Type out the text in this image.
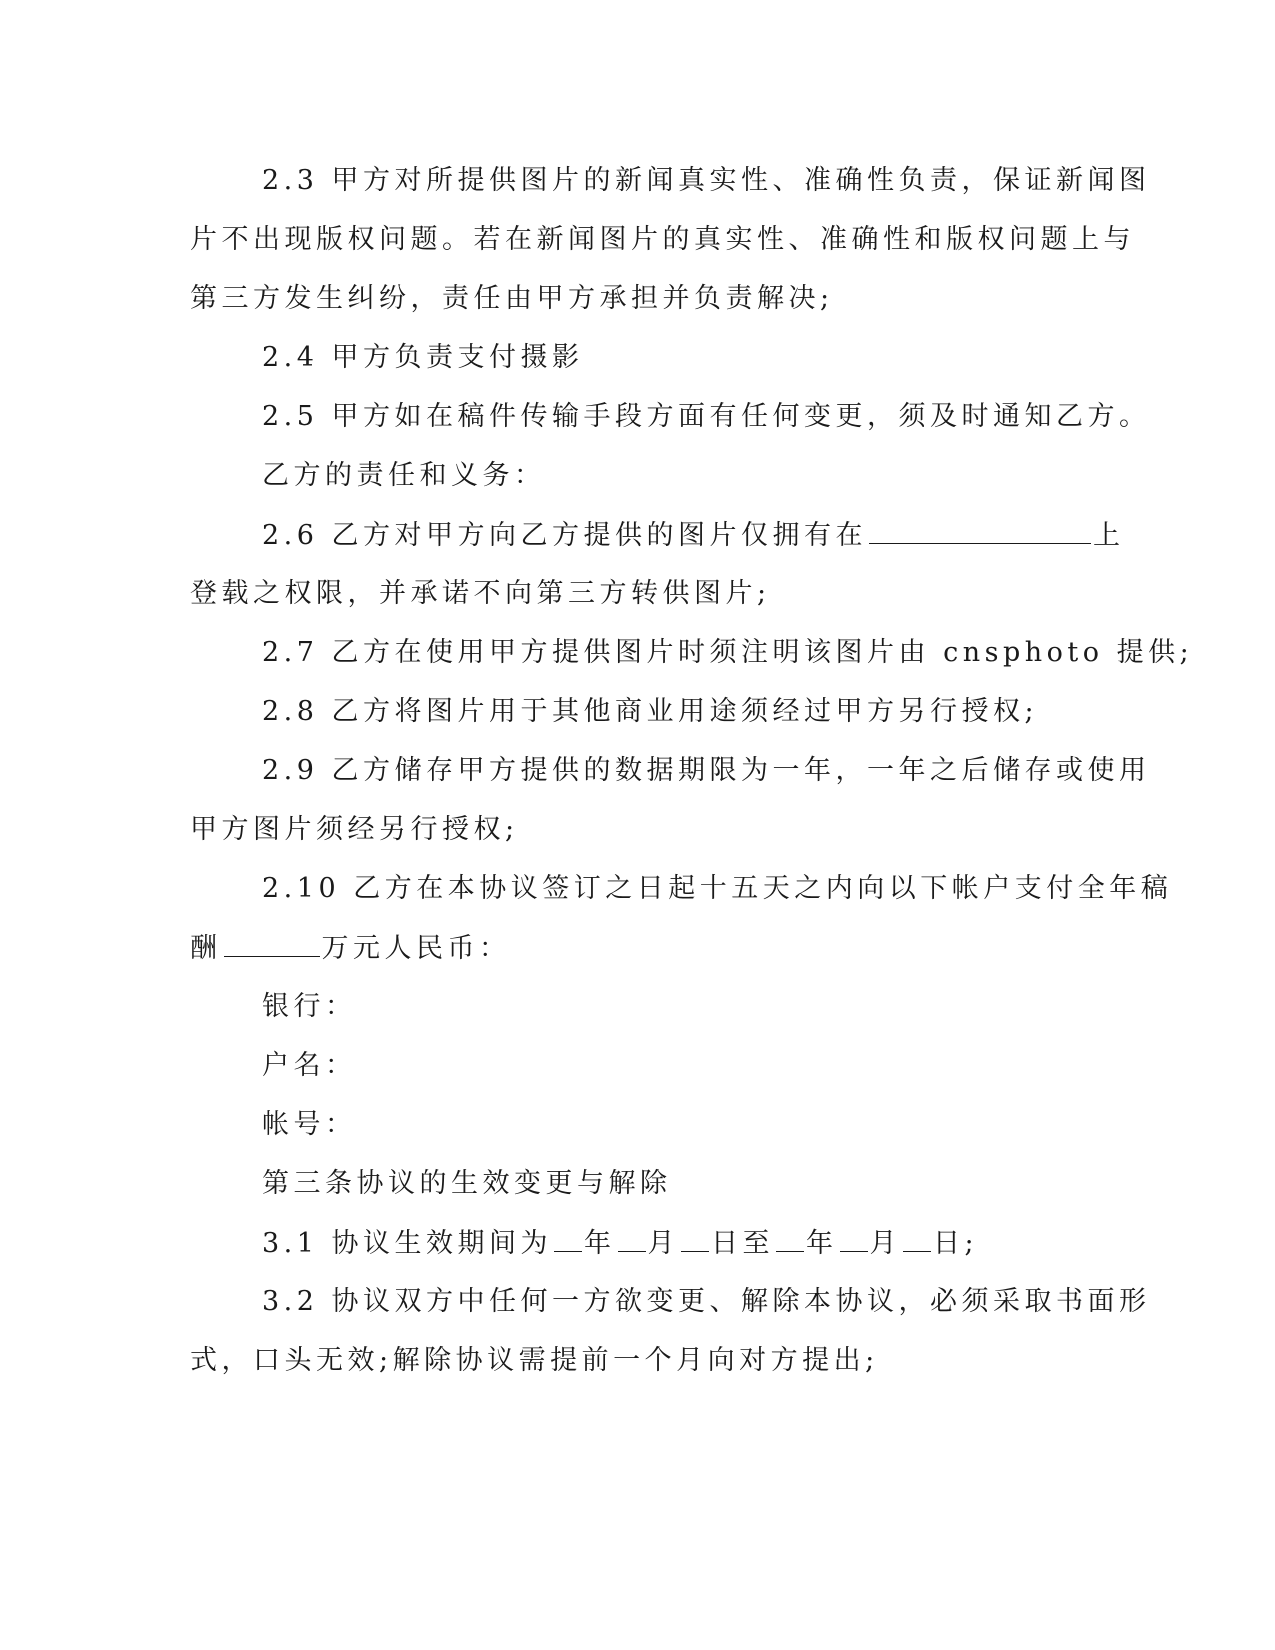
2.3 甲方对所提供图片的新闻真实性、准确性负责，保证新闻图
片不出现版权问题。若在新闻图片的真实性、准确性和版权问题上与
第三方发生纠纷，责任由甲方承担并负责解决;
2.4 甲方负责支付摄影
2.5 甲方如在稿件传输手段方面有任何变更，须及时通知乙方。
乙方的责任和义务：
2.6 乙方对甲方向乙方提供的图片仅拥有在	上
登载之权限，并承诺不向第三方转供图片;
2.7 乙方在使用甲方提供图片时须注明该图片由 cnsphoto 提供;
2.8 乙方将图片用于其他商业用途须经过甲方另行授权;
2.9 乙方储存甲方提供的数据期限为一年，一年之后储存或使用
甲方图片须经另行授权;
2.10 乙方在本协议签订之日起十五天之内向以下帐户支付全年稿
酬	万元人民币：
银行：
户名：
帐号：
第三条协议的生效变更与解除
3.1 协议生效期间为 年 月 日至 年 月 日;
3.2 协议双方中任何一方欲变更、解除本协议，必须采取书面形
式，口头无效;解除协议需提前一个月向对方提出;
